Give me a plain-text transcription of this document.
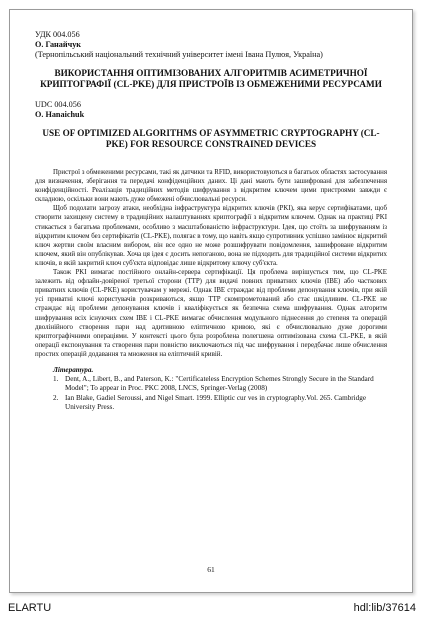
УДК 004.056
О. Ганайчук
(Тернопільський національний технічний університет імені Івана Пулюя, Україна)
ВИКОРИСТАННЯ ОПТИМІЗОВАНИХ АЛГОРИТМІВ АСИМЕТРИЧНОЇ КРИПТОГРАФІЇ (CL-PKE) ДЛЯ ПРИСТРОЇВ ІЗ ОБМЕЖЕНИМИ РЕСУРСАМИ
UDC 004.056
O. Hanaichuk
USE OF OPTIMIZED ALGORITHMS OF ASYMMETRIC CRYPTOGRAPHY (CL-PKE) FOR RESOURCE CONSTRAINED DEVICES

Пристрої з обмеженими ресурсами, такі як датчики та RFID, використовуються в багатьох областях застосування для визначення, зберігання та передачі конфіденційних даних. Ці дані мають бути зашифровані для забезпечення конфіденційності. Реалізація традиційних методів шифрування з відкритим ключем цими пристроями завжди є складною, оскільки вони мають дуже обмежені обчислювальні ресурси.

Щоб подолати загрозу атаки, необхідна інфраструктура відкритих ключів (PKI), яка керує сертифікатами, щоб створити захищену систему в традиційних налаштуваннях криптографії з відкритим ключем. Однак на практиці PKI стикається з багатьма проблемами, особливо з масштабованістю інфраструктури. Ідея, що стоїть за шифруванням із відкритим ключем без сертифікатів (CL-PKE), полягає в тому, що навіть якщо супротивник успішно замінює відкритий ключ жертви своїм власним вибором, він все одно не може розшифрувати повідомлення, зашифроване відкритим ключем, який він опублікував. Хоча ця ідея є досить непоганою, вона не підходить для традиційної системи відкритих ключів, в якій закритий ключ суб'єкта відповідає лише відкритому ключу суб'єкта.

Також PKI вимагає постійного онлайн-сервера сертифікації. Ця проблема вирішується тим, що CL-PKE залежить від офлайн-довіреної третьої сторони (TTP) для видачі повних приватних ключів (IBE) або часткових приватних ключів (CL-PKE) користувачам у мережі. Однак IBE страждає від проблеми депонування ключів, при якій усі приватні ключі користувачів розкриваються, якщо TTP скомпрометований або стає шкідливим. CL-PKE не страждає від проблеми депонування ключів і кваліфікується як безпечна схема шифрування. Однак алгоритм шифрування всіх існуючих схем IBE і CL-PKE вимагає обчислення модульного піднесення до степеня та операцій дволінійного створення пари над адитивною еліптичною кривою, які є обчислювально дуже дорогими криптографічними операціями. У контексті цього була розроблена полегшена оптимізована схема CL-PKE, в якій операції експонування та створення пари повністю виключаються під час шифрування і передбачає лише обчислення простих операцій додавання та множення на еліптичній кривій.

Література.
1. Dent, A., Libert, B., and Paterson, K.: "Certificateless Encryption Schemes Strongly Secure in the Standard Model"; To appear in Proc. PKC 2008, LNCS, Springer-Verlag (2008)
2. Ian Blake, Gadiel Seroussi, and Nigel Smart. 1999. Elliptic cur ves in cryptography.Vol. 265. Cambridge University Press.
61
ELARTU	hdl:lib/37614
